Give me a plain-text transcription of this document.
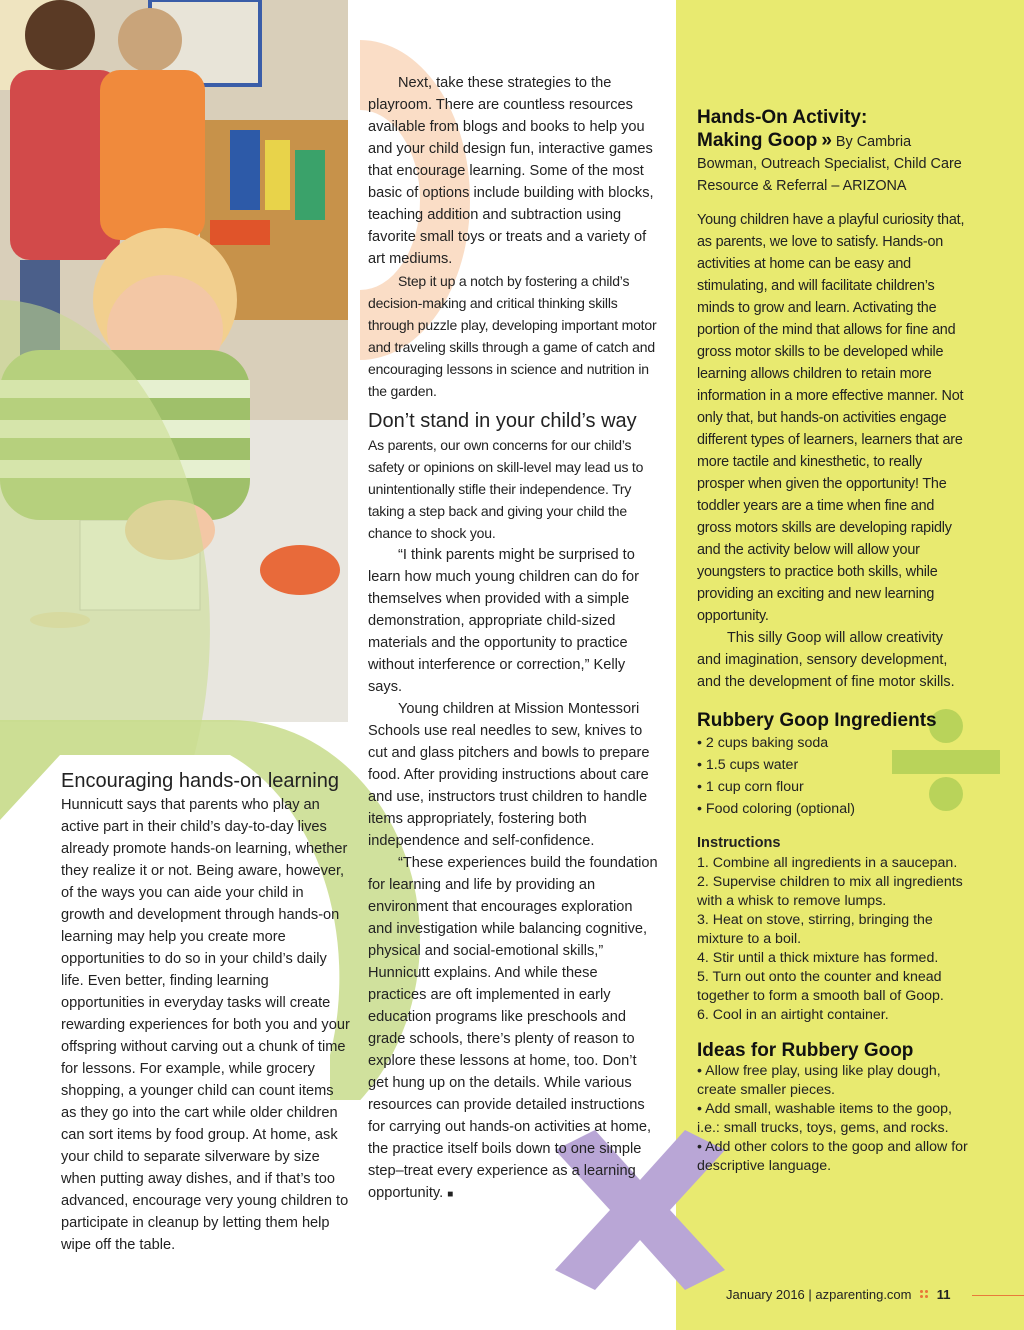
Next, take these strategies to the playroom. There are countless resources available from blogs and books to help you and your child design fun, interactive games that encourage learning. Some of the most basic of options include building with blocks, teaching addition and subtraction using favorite small toys or treats and a variety of art mediums.

Step it up a notch by fostering a child’s decision-making and critical thinking skills through puzzle play, developing important motor and traveling skills through a game of catch and encouraging lessons in science and nutrition in the garden.

Don’t stand in your child’s way

As parents, our own concerns for our child’s safety or opinions on skill-level may lead us to unintentionally stifle their independence. Try taking a step back and giving your child the chance to shock you.

“I think parents might be surprised to learn how much young children can do for themselves when provided with a simple demonstration, appropriate child-sized materials and the opportunity to practice without interference or correction,” Kelly says.

Young children at Mission Montessori Schools use real needles to sew, knives to cut and glass pitchers and bowls to prepare food. After providing instructions about care and use, instructors trust children to handle items appropriately, fostering both independence and self-confidence.

“These experiences build the foundation for learning and life by providing an environment that encourages exploration and investigation while balancing cognitive, physical and social-emotional skills,” Hunnicutt explains. And while these practices are oft implemented in early education programs like preschools and grade schools, there’s plenty of reason to explore these lessons at home, too. Don’t get hung up on the details. While various resources can provide detailed instructions for carrying out hands-on activities at home, the practice itself boils down to one simple step–treat every experience as a learning opportunity. ■

Encouraging hands-on learning

Hunnicutt says that parents who play an active part in their child’s day-to-day lives already promote hands-on learning, whether they realize it or not. Being aware, however, of the ways you can aide your child in growth and development through hands-on learning may help you create more opportunities to do so in your child’s daily life. Even better, finding learning opportunities in everyday tasks will create rewarding experiences for both you and your offspring without carving out a chunk of time for lessons. For example, while grocery shopping, a younger child can count items as they go into the cart while older children can sort items by food group. At home, ask your child to separate silverware by size when putting away dishes, and if that’s too advanced, encourage very young children to participate in cleanup by letting them help wipe off the table.

Hands-On Activity:
Making Goop » By Cambria Bowman, Outreach Specialist, Child Care Resource & Referral – ARIZONA

Young children have a playful curiosity that, as parents, we love to satisfy. Hands-on activities at home can be easy and stimulating, and will facilitate children’s minds to grow and learn. Activating the portion of the mind that allows for fine and gross motor skills to be developed while learning allows children to retain more information in a more effective manner. Not only that, but hands-on activities engage different types of learners, learners that are more tactile and kinesthetic, to really prosper when given the opportunity! The toddler years are a time when fine and gross motors skills are developing rapidly and the activity below will allow your youngsters to practice both skills, while providing an exciting and new learning opportunity.

This silly Goop will allow creativity and imagination, sensory development, and the development of fine motor skills.

Rubbery Goop Ingredients
• 2 cups baking soda
• 1.5 cups water
• 1 cup corn flour
• Food coloring (optional)
Instructions

1. Combine all ingredients in a saucepan.

2. Supervise children to mix all ingredients with a whisk to remove lumps.

3. Heat on stove, stirring, bringing the mixture to a boil.

4. Stir until a thick mixture has formed.

5. Turn out onto the counter and knead together to form a smooth ball of Goop.

6. Cool in an airtight container.

Ideas for Rubbery Goop

• Allow free play, using like play dough, create smaller pieces.

• Add small, washable items to the goop, i.e.: small trucks, toys, gems, and rocks.

• Add other colors to the goop and allow for descriptive language.

January 2016 | azparenting.com 11
